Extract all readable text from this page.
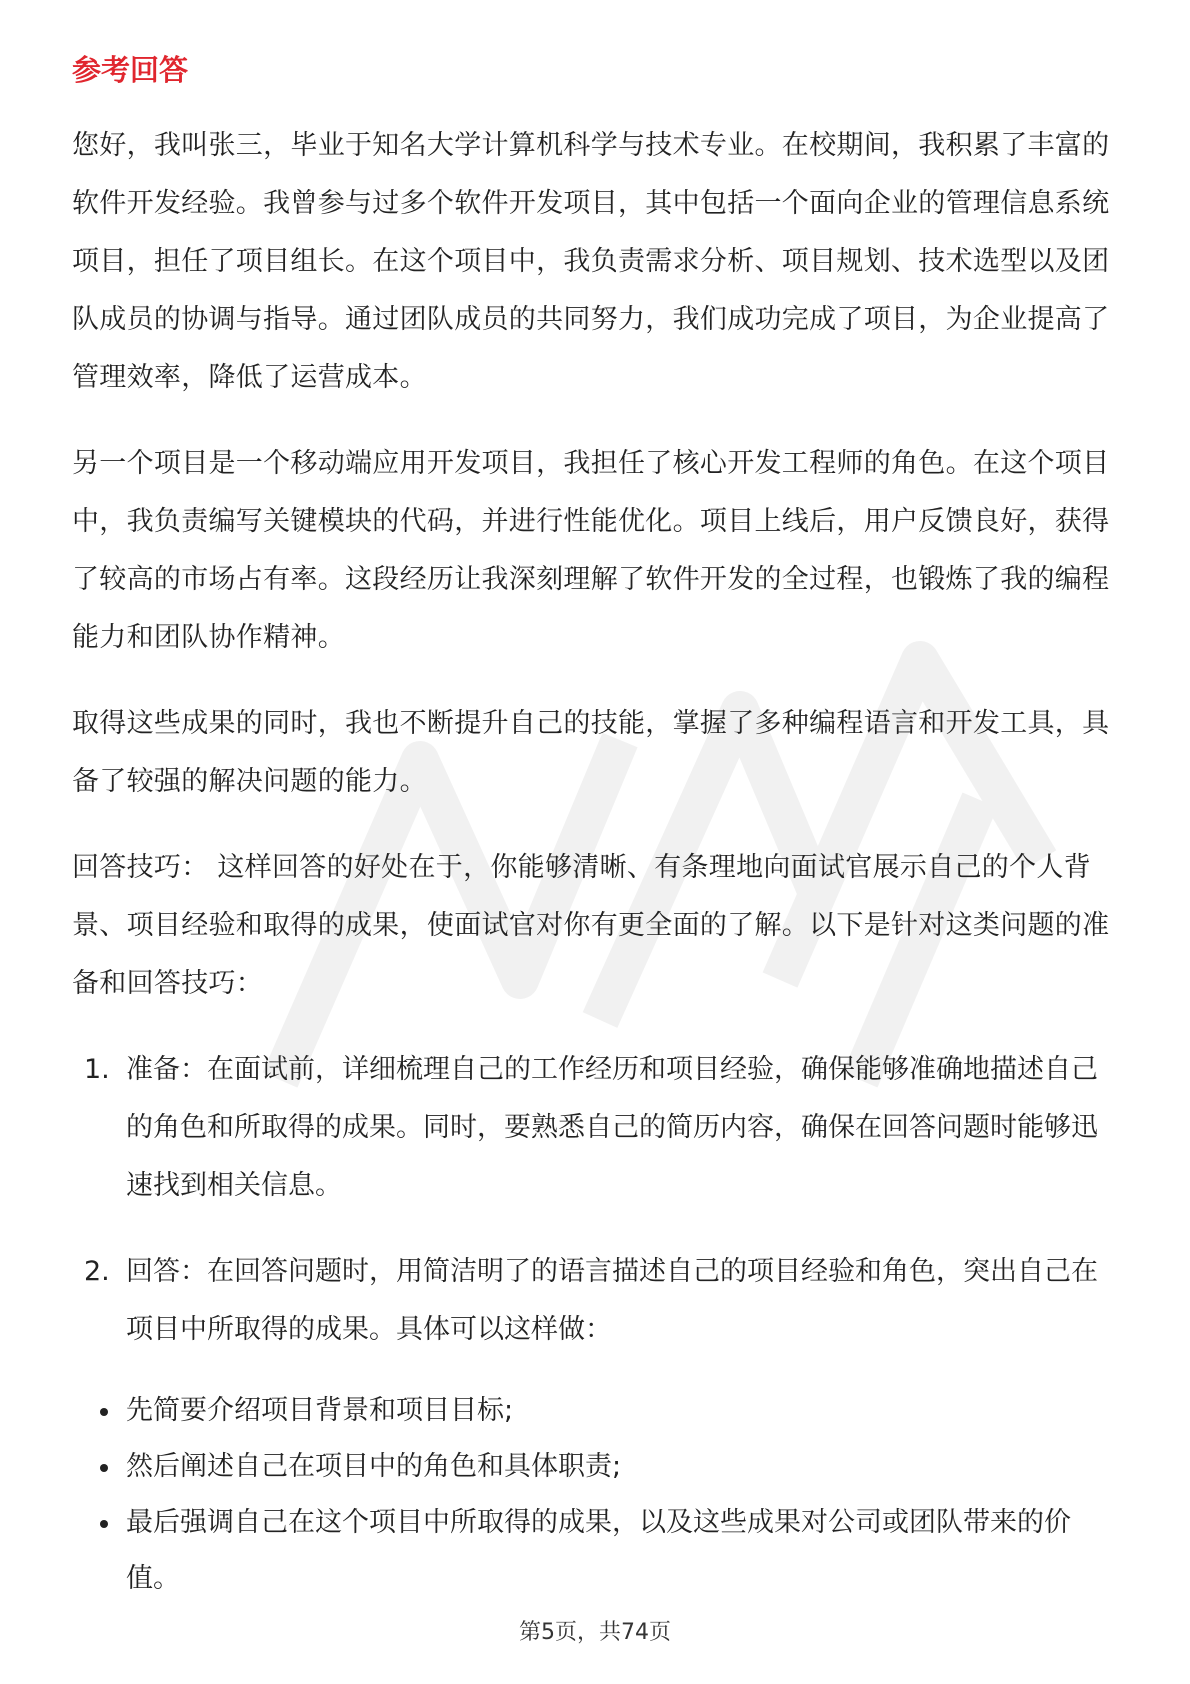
参考回答

您好，我叫张三，毕业于知名大学计算机科学与技术专业。在校期间，我积累了丰富的软件开发经验。我曾参与过多个软件开发项目，其中包括一个面向企业的管理信息系统项目，担任了项目组长。在这个项目中，我负责需求分析、项目规划、技术选型以及团队成员的协调与指导。通过团队成员的共同努力，我们成功完成了项目，为企业提高了管理效率，降低了运营成本。

另一个项目是一个移动端应用开发项目，我担任了核心开发工程师的角色。在这个项目中，我负责编写关键模块的代码，并进行性能优化。项目上线后，用户反馈良好，获得了较高的市场占有率。这段经历让我深刻理解了软件开发的全过程，也锻炼了我的编程能力和团队协作精神。

取得这些成果的同时，我也不断提升自己的技能，掌握了多种编程语言和开发工具，具备了较强的解决问题的能力。

回答技巧： 这样回答的好处在于，你能够清晰、有条理地向面试官展示自己的个人背景、项目经验和取得的成果，使面试官对你有更全面的了解。以下是针对这类问题的准备和回答技巧：

1. 准备：在面试前，详细梳理自己的工作经历和项目经验，确保能够准确地描述自己的角色和所取得的成果。同时，要熟悉自己的简历内容，确保在回答问题时能够迅速找到相关信息。
2. 回答：在回答问题时，用简洁明了的语言描述自己的项目经验和角色，突出自己在项目中所取得的成果。具体可以这样做：
先简要介绍项目背景和项目目标;
然后阐述自己在项目中的角色和具体职责;
最后强调自己在这个项目中所取得的成果，以及这些成果对公司或团队带来的价值。
第5页，共74页
